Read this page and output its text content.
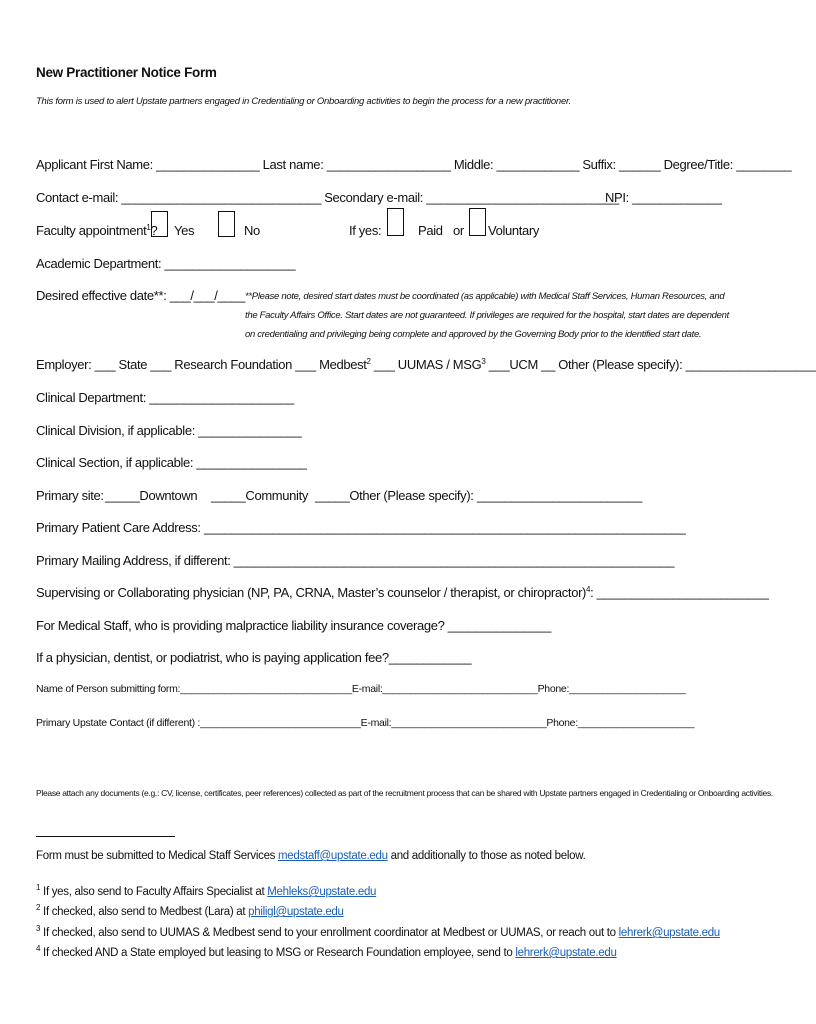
New Practitioner Notice Form
This form is used to alert Upstate partners engaged in Credentialing or Onboarding activities to begin the process for a new practitioner.
Applicant First Name: _______________ Last name: __________________ Middle: ____________ Suffix: ______ Degree/Title: ________
Contact e-mail: _____________________________ Secondary e-mail: ____________________________
NPI: _____________
Faculty appointment$^1$? Yes	No	If yes:	Paid or Voluntary
Academic Department: ___________________
Desired effective date**: ___/___/____ **Please note, desired start dates must be coordinated (as applicable) with Medical Staff Services, Human Resources, and the Faculty Affairs Office. Start dates are not guaranteed. If privileges are required for the hospital, start dates are dependent on credentialing and privileging being complete and approved by the Governing Body prior to the identified start date.
Employer: ___ State ___ Research Foundation ___ Medbest$^2$ ___ UUMAS / MSG$^3$ ___UCM __ Other (Please specify): ___________________
Clinical Department: _____________________
Clinical Division, if applicable: _______________
Clinical Section, if applicable: ________________
Primary site: _____Downtown _____Community _____Other (Please specify): ________________________
Primary Patient Care Address: ______________________________________________________________________
Primary Mailing Address, if different: ________________________________________________________________
Supervising or Collaborating physician (NP, PA, CRNA, Master’s counselor / therapist, or chiropractor)$^4$: _________________________
For Medical Staff, who is providing malpractice liability insurance coverage? _______________
If a physician, dentist, or podiatrist, who is paying application fee?____________
Name of Person submitting form:_______________________________E-mail:____________________________Phone:_____________________
Primary Upstate Contact (if different) :_____________________________E-mail:____________________________Phone:_____________________
Please attach any documents (e.g.: CV, license, certificates, peer references) collected as part of the recruitment process that can be shared with Upstate partners engaged in Credentialing or Onboarding activities.
Form must be submitted to Medical Staff Services medstaff@upstate.edu and additionally to those as noted below.
$^1$ If yes, also send to Faculty Affairs Specialist at Mehleks@upstate.edu
$^2$ If checked, also send to Medbest (Lara) at philigl@upstate.edu
$^3$ If checked, also send to UUMAS & Medbest send to your enrollment coordinator at Medbest or UUMAS, or reach out to lehrerk@upstate.edu
$^4$ If checked AND a State employed but leasing to MSG or Research Foundation employee, send to lehrerk@upstate.edu
